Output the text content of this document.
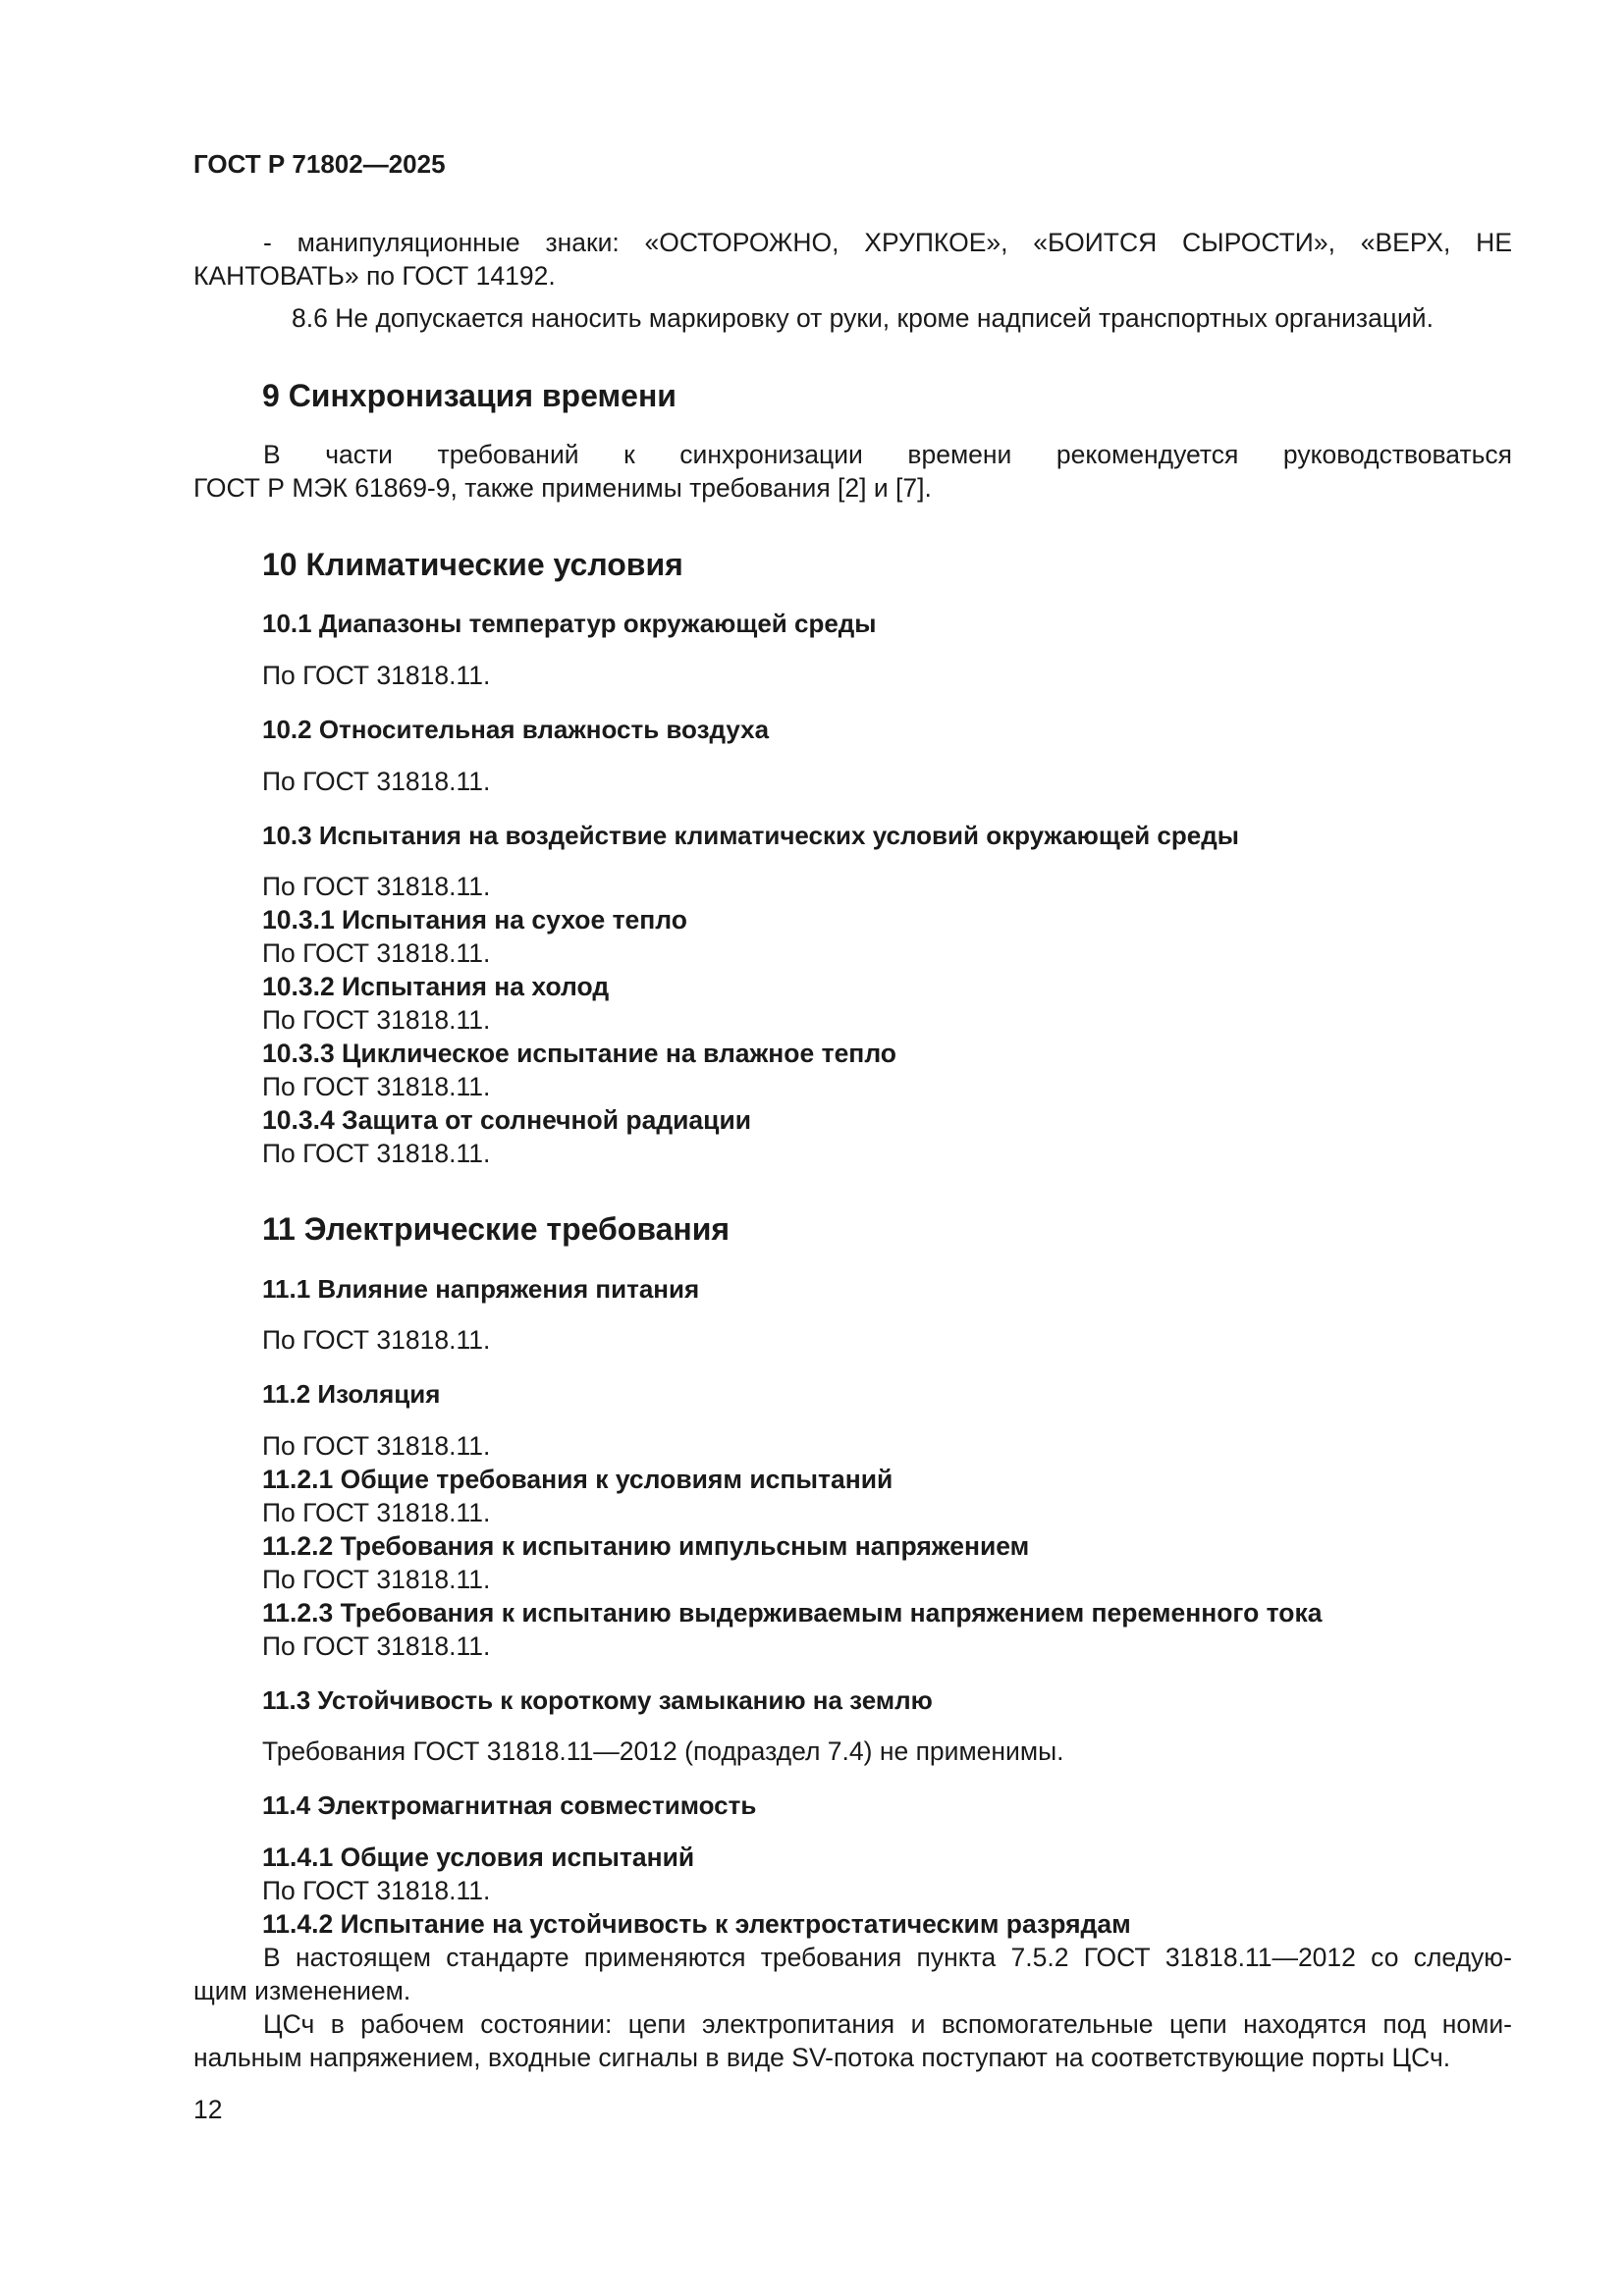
ГОСТ Р 71802—2025
- манипуляционные знаки: «ОСТОРОЖНО, ХРУПКОЕ», «БОИТСЯ СЫРОСТИ», «ВЕРХ, НЕ
КАНТОВАТЬ» по ГОСТ 14192.
8.6 Не допускается наносить маркировку от руки, кроме надписей транспортных организаций.
9 Синхронизация времени
В части требований к синхронизации времени рекомендуется руководствоваться
ГОСТ Р МЭК 61869-9, также применимы требования [2] и [7].
10 Климатические условия
10.1 Диапазоны температур окружающей среды
По ГОСТ 31818.11.
10.2 Относительная влажность воздуха
По ГОСТ 31818.11.
10.3 Испытания на воздействие климатических условий окружающей среды
По ГОСТ 31818.11.
10.3.1 Испытания на сухое тепло
По ГОСТ 31818.11.
10.3.2 Испытания на холод
По ГОСТ 31818.11.
10.3.3 Циклическое испытание на влажное тепло
По ГОСТ 31818.11.
10.3.4 Защита от солнечной радиации
По ГОСТ 31818.11.
11 Электрические требования
11.1 Влияние напряжения питания
По ГОСТ 31818.11.
11.2 Изоляция
По ГОСТ 31818.11.
11.2.1 Общие требования к условиям испытаний
По ГОСТ 31818.11.
11.2.2 Требования к испытанию импульсным напряжением
По ГОСТ 31818.11.
11.2.3 Требования к испытанию выдерживаемым напряжением переменного тока
По ГОСТ 31818.11.
11.3 Устойчивость к короткому замыканию на землю
Требования ГОСТ 31818.11—2012 (подраздел 7.4) не применимы.
11.4 Электромагнитная совместимость
11.4.1 Общие условия испытаний
По ГОСТ 31818.11.
11.4.2 Испытание на устойчивость к электростатическим разрядам
В настоящем стандарте применяются требования пункта 7.5.2 ГОСТ 31818.11—2012 со следую-
щим изменением.
ЦСч в рабочем состоянии: цепи электропитания и вспомогательные цепи находятся под номи-
нальным напряжением, входные сигналы в виде SV-потока поступают на соответствующие порты ЦСч.
12
